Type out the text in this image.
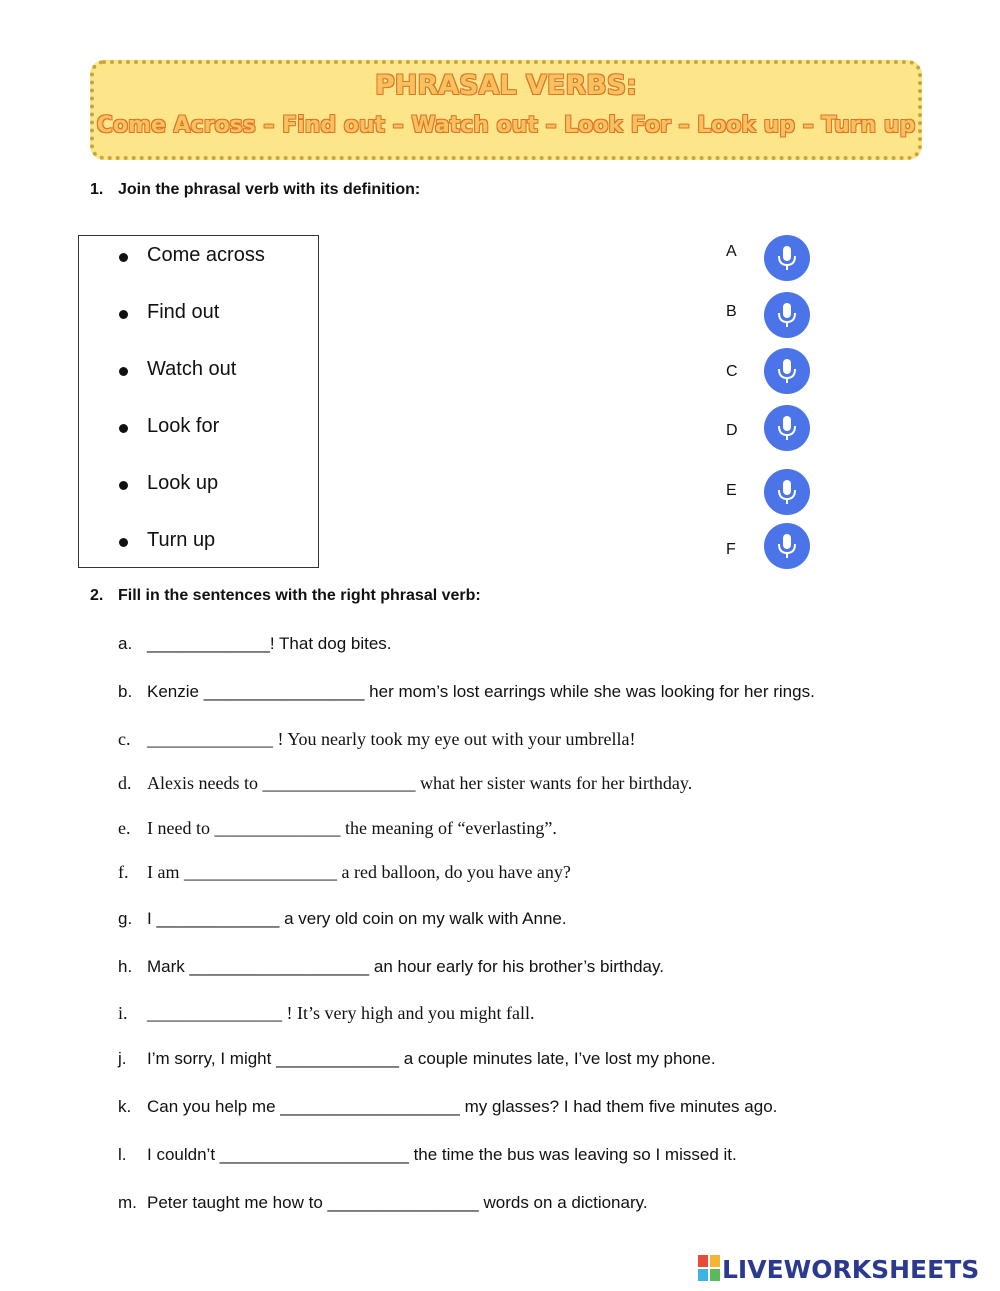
PHRASAL VERBS:
Come Across – Find out – Watch out – Look For – Look up – Turn up
1. Join the phrasal verb with its definition:
Come across
Find out
Watch out
Look for
Look up
Turn up
A
B
C
D
E
F
2. Fill in the sentences with the right phrasal verb:
a. _____________! That dog bites.
b. Kenzie _________________ her mom’s lost earrings while she was looking for her rings.
c. ______________ ! You nearly took my eye out with your umbrella!
d. Alexis needs to _________________ what her sister wants for her birthday.
e. I need to ______________ the meaning of “everlasting”.
f. I am _________________ a red balloon, do you have any?
g. I _____________ a very old coin on my walk with Anne.
h. Mark ___________________ an hour early for his brother’s birthday.
i. _______________ ! It’s very high and you might fall.
j. I’m sorry, I might _____________ a couple minutes late, I’ve lost my phone.
k. Can you help me ___________________ my glasses? I had them five minutes ago.
l. I couldn’t ____________________ the time the bus was leaving so I missed it.
m. Peter taught me how to ________________ words on a dictionary.
LIVEWORKSHEETS
